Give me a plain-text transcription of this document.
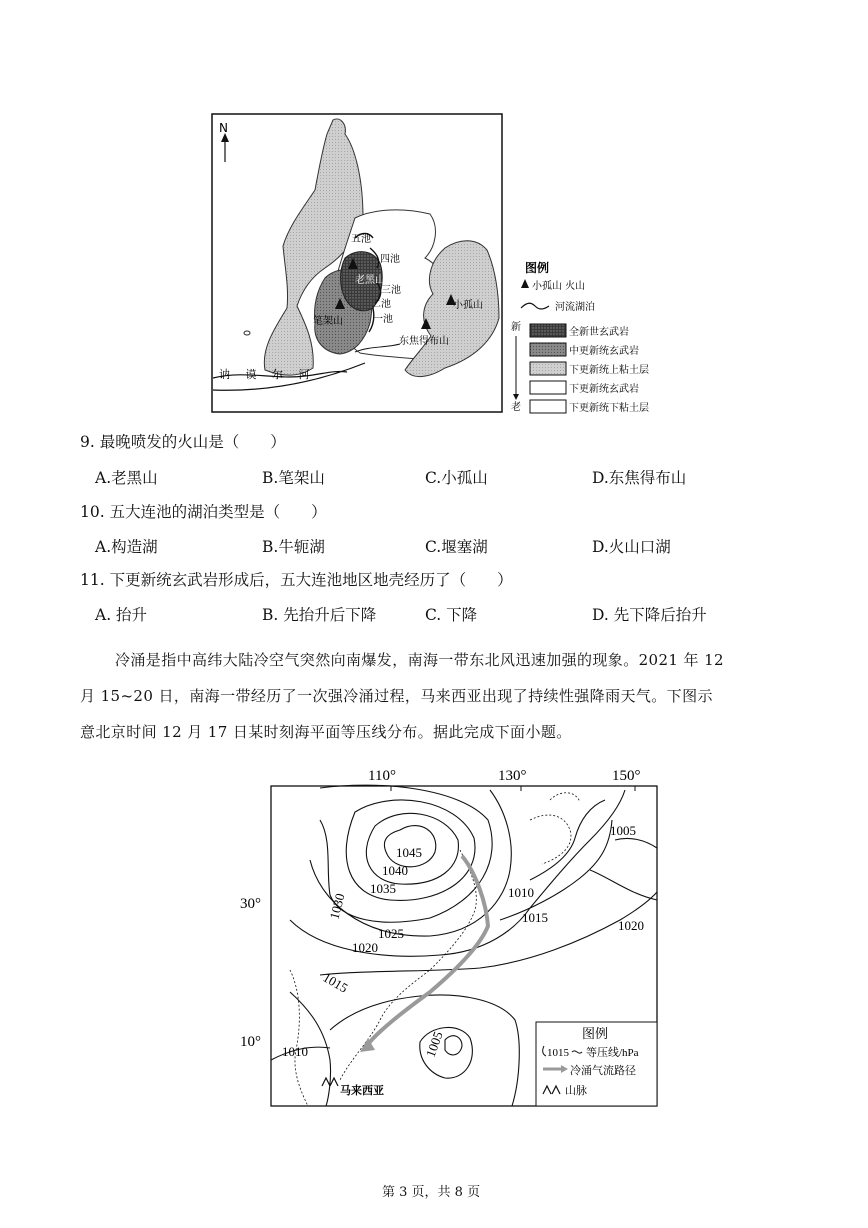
N
五池
四池
三池
二池
一池
老黑山
笔架山
小孤山
东焦得布山
讷 谟 尔 河
图例
小孤山 火山
河流湖泊
新
老
全新世玄武岩
中更新统玄武岩
下更新统上粘土层
下更新统玄武岩
下更新统下粘土层
9. 最晚喷发的火山是（　　）
A.老黑山	B.笔架山	C.小孤山	D.东焦得布山
10. 五大连池的湖泊类型是（　　）
A.构造湖	B.牛轭湖	C.堰塞湖	D.火山口湖
11. 下更新统玄武岩形成后，五大连池地区地壳经历了（　　）
A. 抬升	B. 先抬升后下降	C. 下降	D. 先下降后抬升
冷涌是指中高纬大陆冷空气突然向南爆发，南海一带东北风迅速加强的现象。2021 年 12
月 15~20 日，南海一带经历了一次强冷涌过程，马来西亚出现了持续性强降雨天气。下图示
意北京时间 12 月 17 日某时刻海平面等压线分布。据此完成下面小题。
110°	130°	150°
30°
10°
1045
1040
1035
1030
1025
1020
1015
1010	1005
1005
1010
1015
1020
马来西亚
图例
1015 等压线/hPa
冷涌气流路径
山脉
第 3 页，共 8 页
